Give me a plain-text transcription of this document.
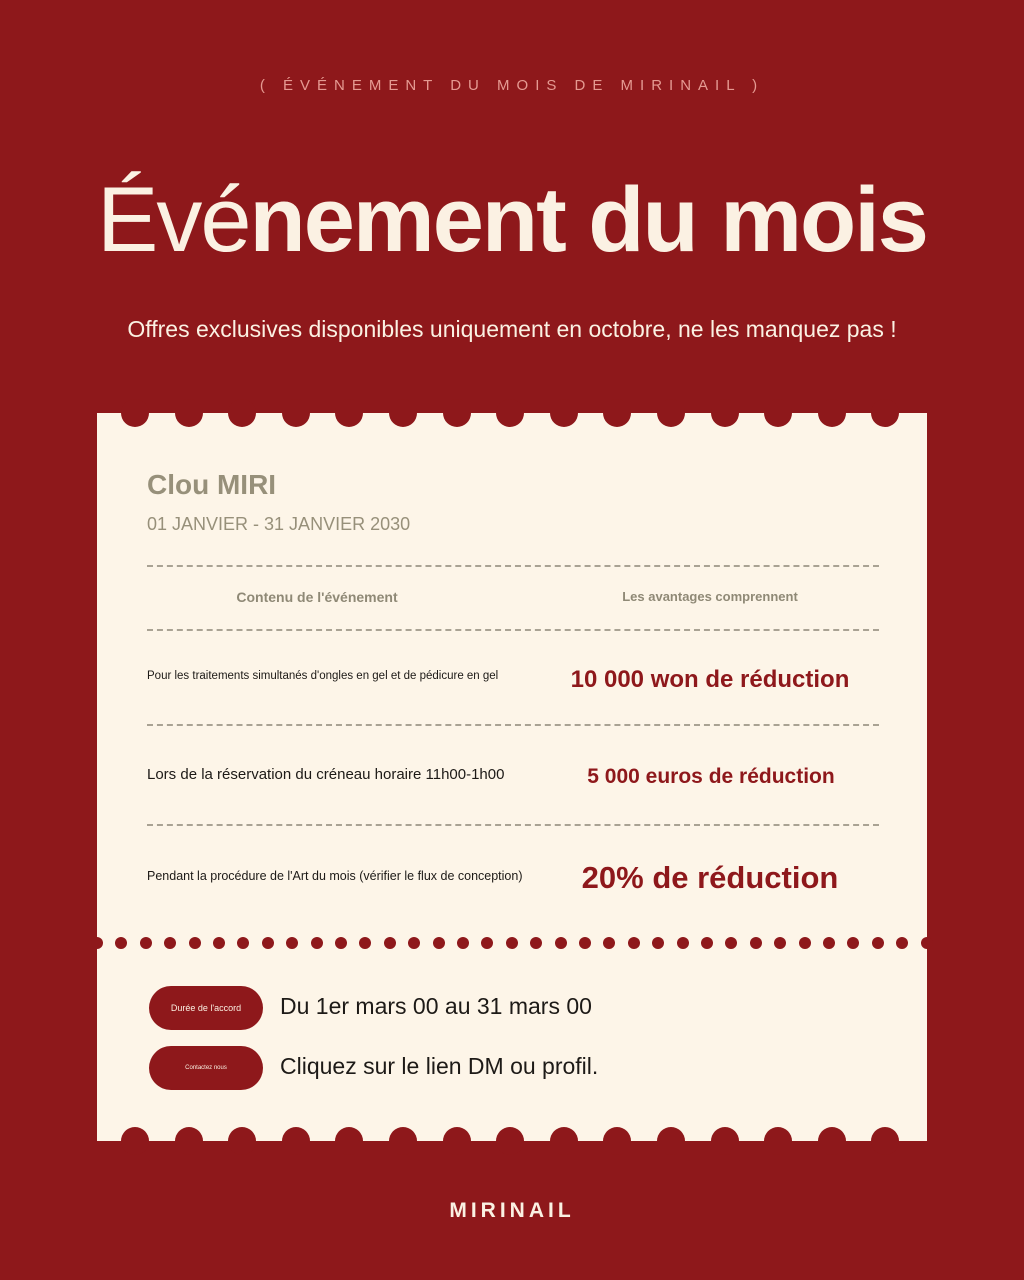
( ÉVÉNEMENT DU MOIS DE MIRINAIL )
Événement du mois
Offres exclusives disponibles uniquement en octobre, ne les manquez pas !
Clou MIRI
01 JANVIER - 31 JANVIER 2030
Contenu de l'événement	Les avantages comprennent
Pour les traitements simultanés d'ongles en gel et de pédicure en gel	10 000 won de réduction
Lors de la réservation du créneau horaire 11h00-1h00	5 000 euros de réduction
Pendant la procédure de l'Art du mois (vérifier le flux de conception)	20% de réduction
Durée de l'accord	Du 1er mars 00 au 31 mars 00
Contactez nous	Cliquez sur le lien DM ou profil.
MIRINAIL
